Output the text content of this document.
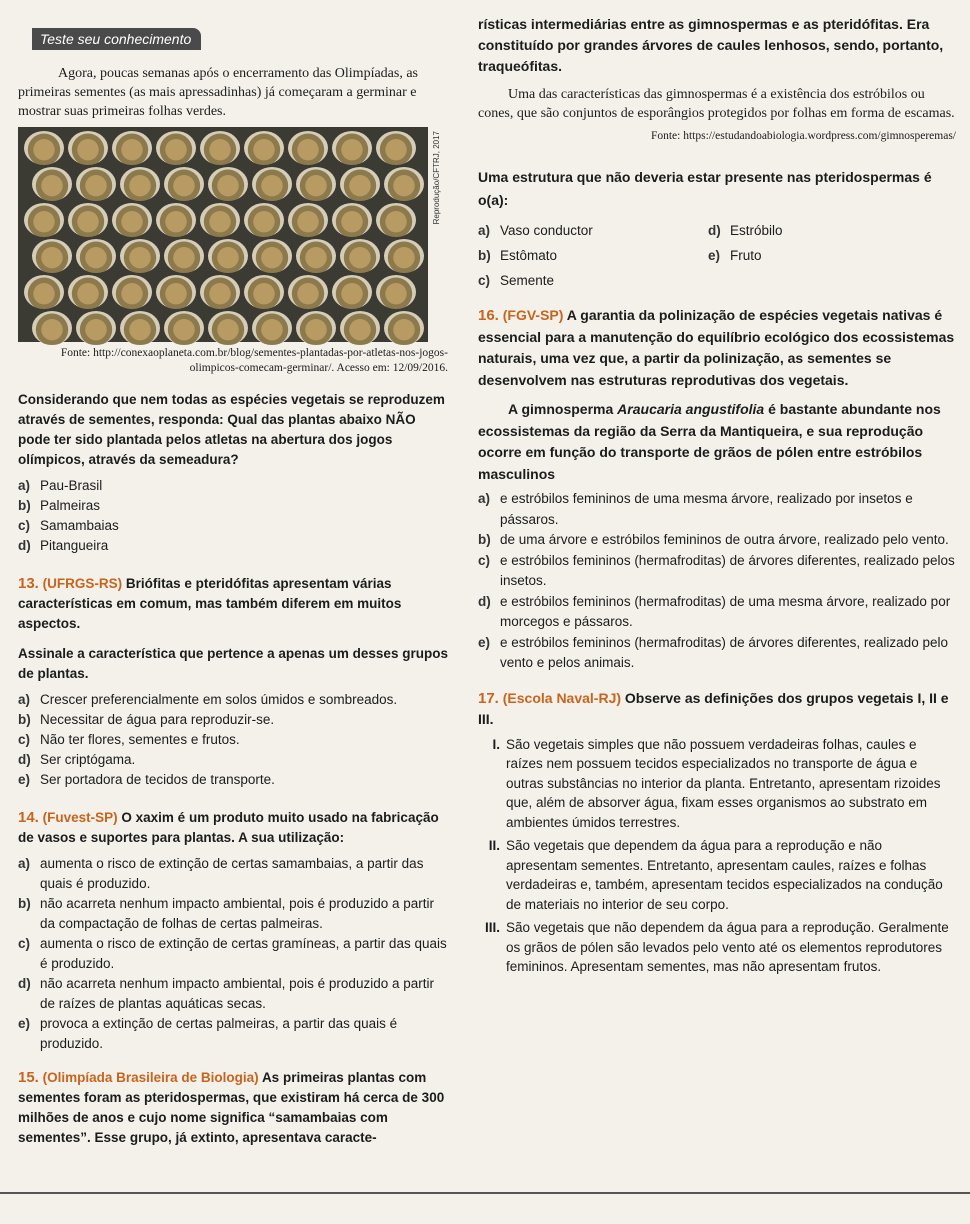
Teste seu conhecimento

Agora, poucas semanas após o encerramento das Olimpíadas, as primeiras sementes (as mais apressadinhas) já começaram a germinar e mostrar suas primeiras folhas verdes.

Reprodução/CFTRJ, 2017
Fonte: http://conexaoplaneta.com.br/blog/sementes-plantadas-por-atletas-nos-jogos-olimpicos-comecam-germinar/. Acesso em: 12/09/2016.

Considerando que nem todas as espécies vegetais se reproduzem através de sementes, responda: Qual das plantas abaixo NÃO pode ter sido plantada pelos atletas na abertura dos jogos olímpicos, através da semeadura?

a) Pau-Brasil
b) Palmeiras
c) Samambaias
d) Pitangueira

13. (UFRGS-RS) Briófitas e pteridófitas apresentam várias características em comum, mas também diferem em muitos aspectos.

Assinale a característica que pertence a apenas um desses grupos de plantas.

a) Crescer preferencialmente em solos úmidos e sombreados.
b) Necessitar de água para reproduzir-se.
c) Não ter flores, sementes e frutos.
d) Ser criptógama.
e) Ser portadora de tecidos de transporte.

14. (Fuvest-SP) O xaxim é um produto muito usado na fabricação de vasos e suportes para plantas. A sua utilização:

a) aumenta o risco de extinção de certas samambaias, a partir das quais é produzido.
b) não acarreta nenhum impacto ambiental, pois é produzido a partir da compactação de folhas de certas palmeiras.
c) aumenta o risco de extinção de certas gramíneas, a partir das quais é produzido.
d) não acarreta nenhum impacto ambiental, pois é produzido a partir de raízes de plantas aquáticas secas.
e) provoca a extinção de certas palmeiras, a partir das quais é produzido.

15. (Olimpíada Brasileira de Biologia) As primeiras plantas com sementes foram as pteridospermas, que existiram há cerca de 300 milhões de anos e cujo nome significa “samambaias com sementes”. Esse grupo, já extinto, apresentava caracte-

rísticas intermediárias entre as gimnospermas e as pteridófitas. Era constituído por grandes árvores de caules lenhosos, sendo, portanto, traqueófitas.

Uma das características das gimnospermas é a existência dos estróbilos ou cones, que são conjuntos de esporângios protegidos por folhas em forma de escamas.

Fonte: https://estudandoabiologia.wordpress.com/gimnosperemas/

Uma estrutura que não deveria estar presente nas pteridospermas é o(a):

a) Vaso conductor
b) Estômato
c) Semente
d) Estróbilo
e) Fruto

16. (FGV-SP) A garantia da polinização de espécies vegetais nativas é essencial para a manutenção do equilíbrio ecológico dos ecossistemas naturais, uma vez que, a partir da polinização, as sementes se desenvolvem nas estruturas reprodutivas dos vegetais.

A gimnosperma Araucaria angustifolia é bastante abundante nos ecossistemas da região da Serra da Mantiqueira, e sua reprodução ocorre em função do transporte de grãos de pólen entre estróbilos masculinos

a) e estróbilos femininos de uma mesma árvore, realizado por insetos e pássaros.
b) de uma árvore e estróbilos femininos de outra árvore, realizado pelo vento.
c) e estróbilos femininos (hermafroditas) de árvores diferentes, realizado pelos insetos.
d) e estróbilos femininos (hermafroditas) de uma mesma árvore, realizado por morcegos e pássaros.
e) e estróbilos femininos (hermafroditas) de árvores diferentes, realizado pelo vento e pelos animais.

17. (Escola Naval-RJ) Observe as definições dos grupos vegetais I, II e III.

I. São vegetais simples que não possuem verdadeiras folhas, caules e raízes nem possuem tecidos especializados no transporte de água e outras substâncias no interior da planta. Entretanto, apresentam rizoides que, além de absorver água, fixam esses organismos ao substrato em ambientes úmidos terrestres.
II. São vegetais que dependem da água para a reprodução e não apresentam sementes. Entretanto, apresentam caules, raízes e folhas verdadeiras e, também, apresentam tecidos especializados na condução de materiais no interior de seu corpo.
III. São vegetais que não dependem da água para a reprodução. Geralmente os grãos de pólen são levados pelo vento até os elementos reprodutores femininos. Apresentam sementes, mas não apresentam frutos.
